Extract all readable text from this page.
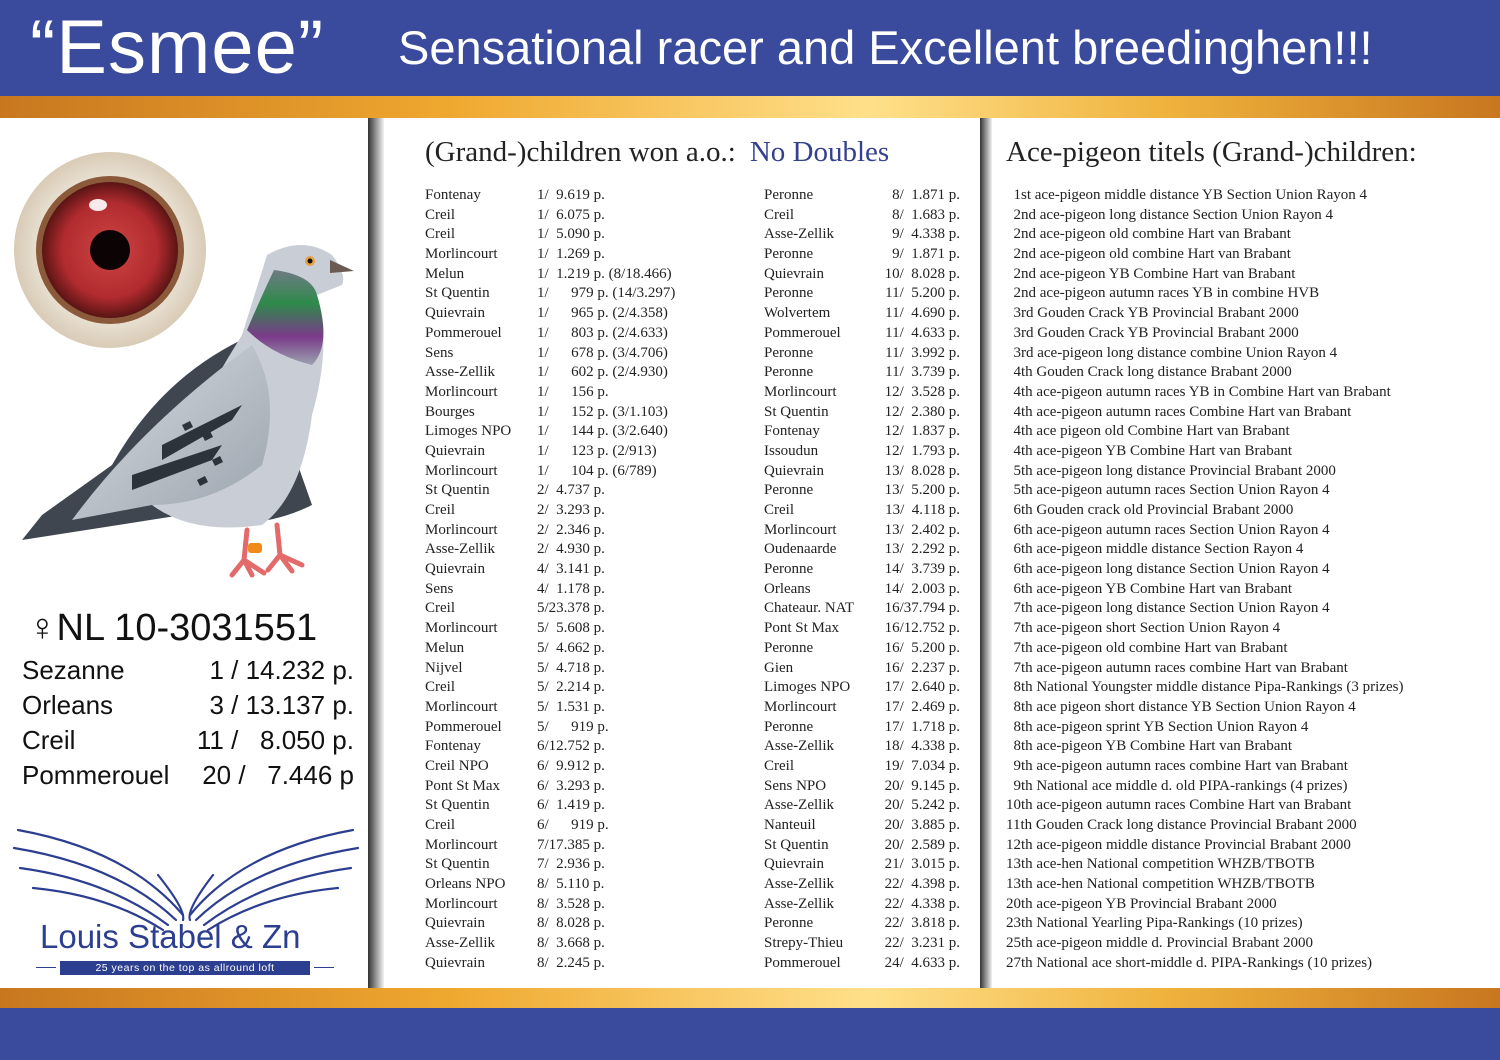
“Esmee” Sensational racer and Excellent breedinghen!!!
♀NL 10-3031551
Sezanne	1 / 14.232 p.
Orleans	3 / 13.137 p.
Creil	11 /   8.050 p.
Pommerouel 20 /   7.446 p
Louis Stabel & Zn
25 years on the top as allround loft
(Grand-)children won a.o.: No Doubles
Fontenay	1/  9.619 p.
Creil	1/  6.075 p.
Creil	1/  5.090 p.
Morlincourt	1/  1.269 p.
Melun	1/  1.219 p. (8/18.466)
St Quentin	1/      979 p. (14/3.297)
Quievrain	1/      965 p. (2/4.358)
Pommerouel 1/      803 p. (2/4.633)
Sens	1/      678 p. (3/4.706)
Asse-Zellik	1/      602 p. (2/4.930)
Morlincourt	1/      156 p.
Bourges	1/      152 p. (3/1.103)
Limoges NPO 1/      144 p. (3/2.640)
Quievrain	1/      123 p. (2/913)
Morlincourt	1/      104 p. (6/789)
St Quentin	2/  4.737 p.
Creil	2/  3.293 p.
Morlincourt	2/  2.346 p.
Asse-Zellik	2/  4.930 p.
Quievrain	4/  3.141 p.
Sens	4/  1.178 p.
Creil	5/23.378 p.
Morlincourt	5/  5.608 p.
Melun	5/  4.662 p.
Nijvel	5/  4.718 p.
Creil	5/  2.214 p.
Morlincourt	5/  1.531 p.
Pommerouel 5/      919 p.
Fontenay	6/12.752 p.
Creil NPO	6/  9.912 p.
Pont St Max 6/  3.293 p.
St Quentin	6/  1.419 p.
Creil	6/      919 p.
Morlincourt	7/17.385 p.
St Quentin	7/  2.936 p.
Orleans NPO 8/  5.110 p.
Morlincourt	8/  3.528 p.
Quievrain	8/  8.028 p.
Asse-Zellik	8/  3.668 p.
Quievrain	8/  2.245 p.
Peronne	8/  1.871 p.
Creil	8/  1.683 p.
Asse-Zellik	9/  4.338 p.
Peronne	9/  1.871 p.
Quievrain	10/  8.028 p.
Peronne	11/  5.200 p.
Wolvertem	11/  4.690 p.
Pommerouel	11/  4.633 p.
Peronne	11/  3.992 p.
Peronne	11/  3.739 p.
Morlincourt	12/  3.528 p.
St Quentin	12/  2.380 p.
Fontenay	12/  1.837 p.
Issoudun	12/  1.793 p.
Quievrain	13/  8.028 p.
Peronne	13/  5.200 p.
Creil	13/  4.118 p.
Morlincourt	13/  2.402 p.
Oudenaarde	13/  2.292 p.
Peronne	14/  3.739 p.
Orleans	14/  2.003 p.
Chateaur. NAT 16/37.794 p.
Pont St Max	16/12.752 p.
Peronne	16/  5.200 p.
Gien	16/  2.237 p.
Limoges NPO 17/  2.640 p.
Morlincourt	17/  2.469 p.
Peronne	17/  1.718 p.
Asse-Zellik	18/  4.338 p.
Creil	19/  7.034 p.
Sens NPO	20/  9.145 p.
Asse-Zellik	20/  5.242 p.
Nanteuil	20/  3.885 p.
St Quentin	20/  2.589 p.
Quievrain	21/  3.015 p.
Asse-Zellik	22/  4.398 p.
Asse-Zellik	22/  4.338 p.
Peronne	22/  3.818 p.
Strepy-Thieu	22/  3.231 p.
Pommerouel	24/  4.633 p.
Ace-pigeon titels (Grand-)children:
1st ace-pigeon middle distance YB Section Union Rayon 4
2nd ace-pigeon long distance Section Union Rayon 4
2nd ace-pigeon old combine Hart van Brabant
2nd ace-pigeon old combine Hart van Brabant
2nd ace-pigeon YB Combine Hart van Brabant
2nd ace-pigeon autumn races YB in combine HVB
3rd Gouden Crack YB Provincial Brabant 2000
3rd Gouden Crack YB Provincial Brabant 2000
3rd ace-pigeon long distance combine Union Rayon 4
4th Gouden Crack long distance Brabant 2000
4th ace-pigeon autumn races YB in Combine Hart van Brabant
4th ace-pigeon autumn races Combine Hart van Brabant
4th ace pigeon old Combine Hart van Brabant
4th ace-pigeon YB Combine Hart van Brabant
5th ace-pigeon long distance Provincial Brabant 2000
5th ace-pigeon autumn races Section Union Rayon 4
6th Gouden crack old Provincial Brabant 2000
6th ace-pigeon autumn races Section Union Rayon 4
6th ace-pigeon middle distance Section Rayon 4
6th ace-pigeon long distance Section Union Rayon 4
6th ace-pigeon YB Combine Hart van Brabant
7th ace-pigeon long distance Section Union Rayon 4
7th ace-pigeon short Section Union Rayon 4
7th ace-pigeon old combine Hart van Brabant
7th ace-pigeon autumn races combine Hart van Brabant
8th National Youngster middle distance Pipa-Rankings (3 prizes)
8th ace pigeon short distance YB Section Union Rayon 4
8th ace-pigeon sprint YB Section Union Rayon 4
8th ace-pigeon YB Combine Hart van Brabant
9th ace-pigeon autumn races combine Hart van Brabant
9th National ace middle d. old PIPA-rankings (4 prizes)
10th ace-pigeon autumn races Combine Hart van Brabant
11th Gouden Crack long distance Provincial Brabant 2000
12th ace-pigeon middle distance Provincial Brabant 2000
13th ace-hen National competition WHZB/TBOTB
13th ace-hen National competition WHZB/TBOTB
20th ace-pigeon YB Provincial Brabant 2000
23th National Yearling Pipa-Rankings (10 prizes)
25th ace-pigeon middle d. Provincial Brabant 2000
27th National ace short-middle d. PIPA-Rankings (10 prizes)
